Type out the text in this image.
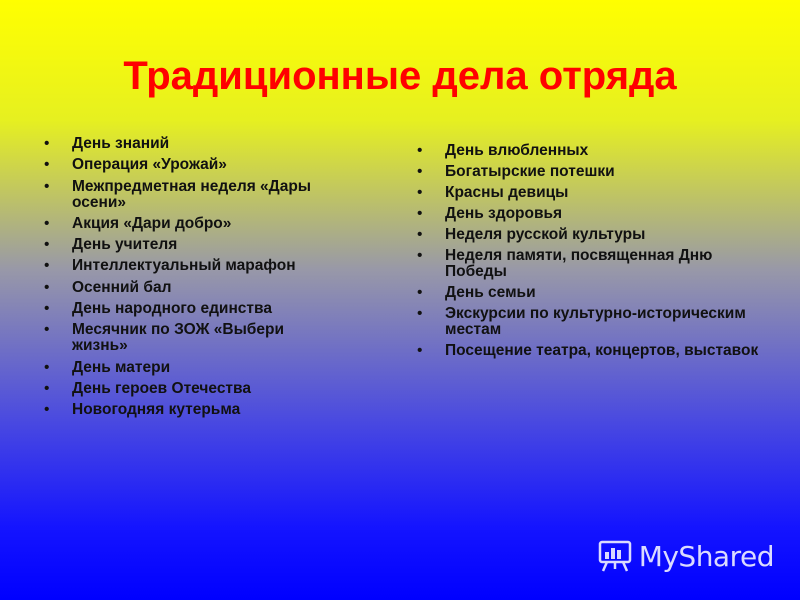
Традиционные дела отряда
• День знаний
• Операция «Урожай»
• Межпредметная неделя «Дары осени»
• Акция «Дари добро»
• День учителя
• Интеллектуальный марафон
• Осенний бал
• День народного единства
• Месячник по ЗОЖ «Выбери жизнь»
• День матери
• День героев Отечества
• Новогодняя кутерьма
• День влюбленных
• Богатырские потешки
• Красны девицы
• День здоровья
• Неделя русской культуры
• Неделя памяти, посвященная Дню Победы
• День семьи
• Экскурсии по культурно-историческим местам
• Посещение театра, концертов, выставок
MyShared
